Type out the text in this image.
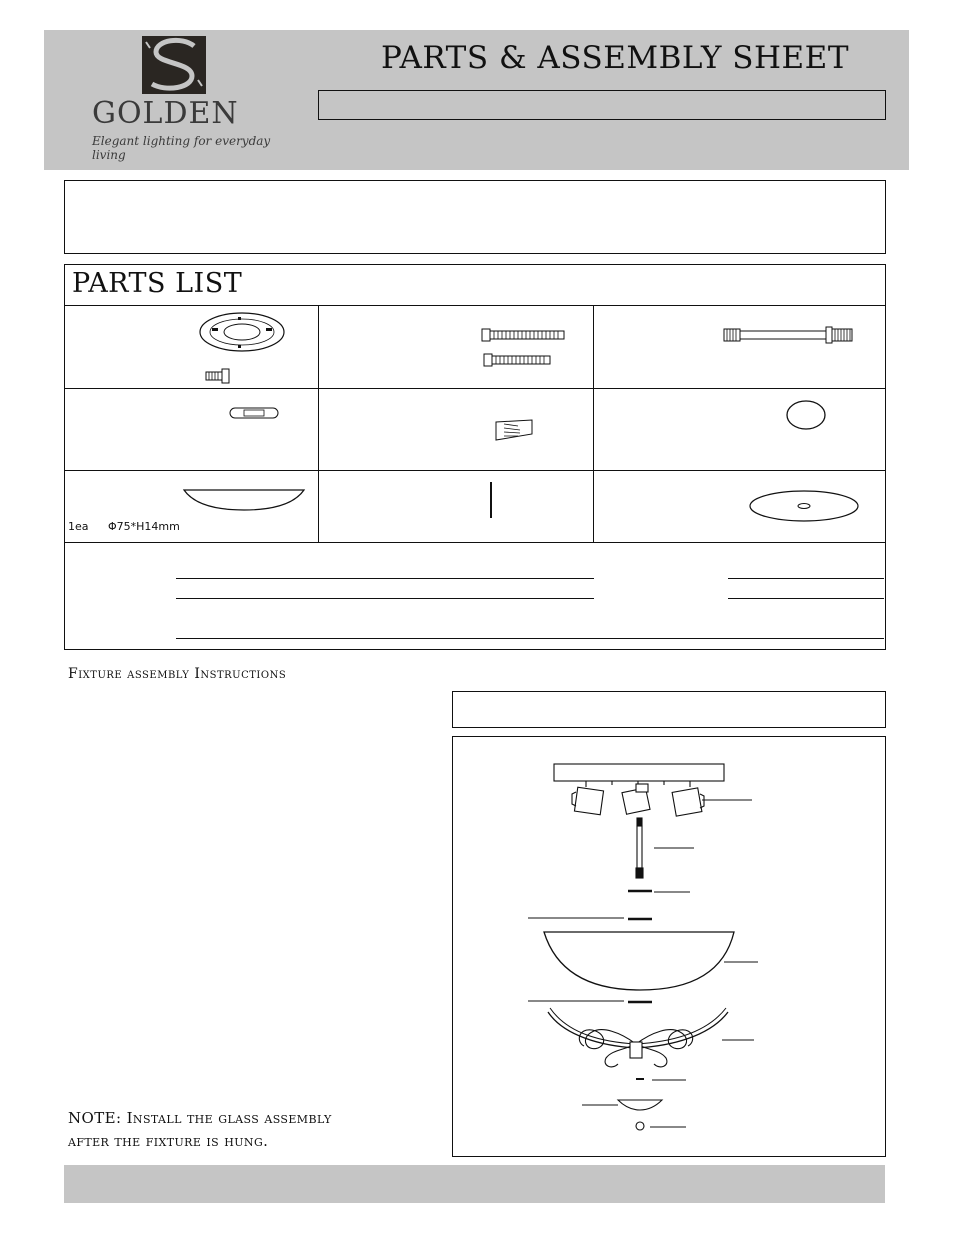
GOLDEN
Elegant lighting for everyday living
PARTS & ASSEMBLY SHEET
PARTS LIST
1ea Φ75*H14mm
Fixture assembly Instructions
NOTE: Install the glass assembly
after the fixture is hung.
